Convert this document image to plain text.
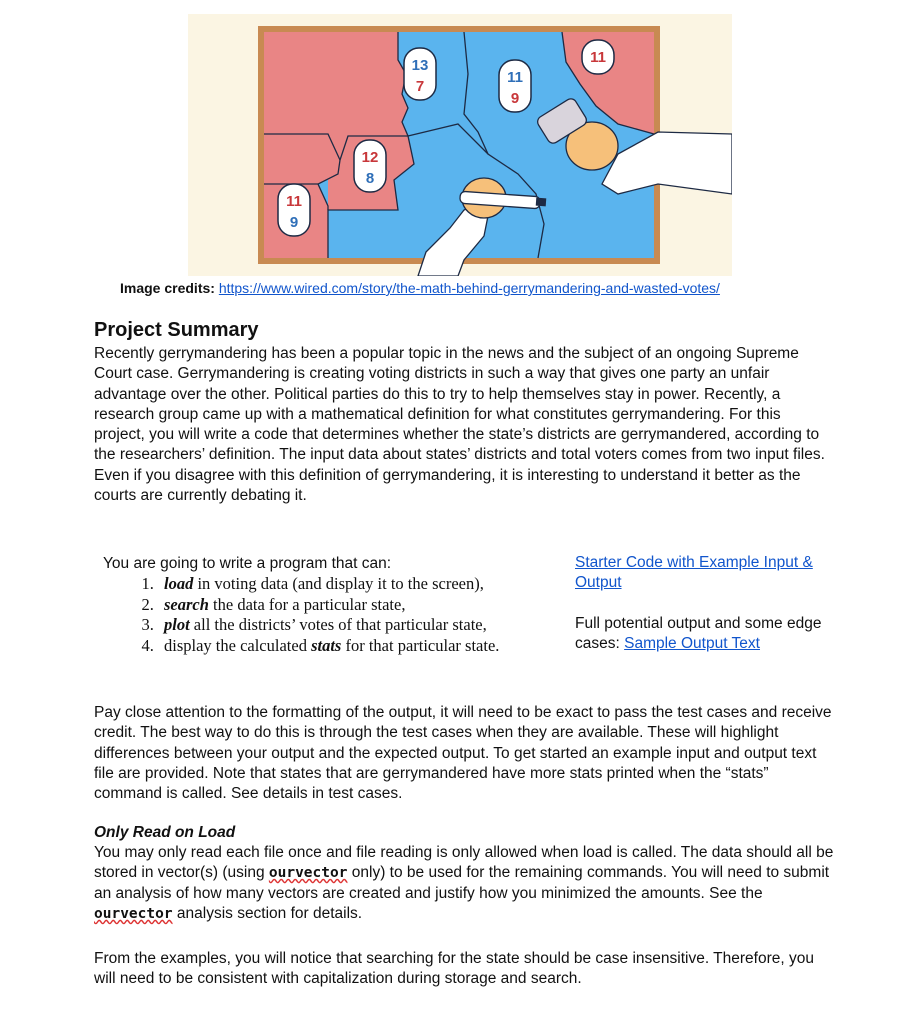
13
7
11
9
12
8
11
9
11
Image credits: https://www.wired.com/story/the-math-behind-gerrymandering-and-wasted-votes/
Project Summary
Recently gerrymandering has been a popular topic in the news and the subject of an ongoing Supreme Court case. Gerrymandering is creating voting districts in such a way that gives one party an unfair advantage over the other. Political parties do this to try to help themselves stay in power. Recently, a research group came up with a mathematical definition for what constitutes gerrymandering. For this project, you will write a code that determines whether the state’s districts are gerrymandered, according to the researchers’ definition. The input data about states’ districts and total voters comes from two input files. Even if you disagree with this definition of gerrymandering, it is interesting to understand it better as the courts are currently debating it.
You are going to write a program that can:
1. load in voting data (and display it to the screen),
2. search the data for a particular state,
3. plot all the districts’ votes of that particular state,
4. display the calculated stats for that particular state.
Starter Code with Example Input & Output
Full potential output and some edge cases: Sample Output Text
Pay close attention to the formatting of the output, it will need to be exact to pass the test cases and receive credit. The best way to do this is through the test cases when they are available. These will highlight differences between your output and the expected output. To get started an example input and output text file are provided. Note that states that are gerrymandered have more stats printed when the “stats” command is called. See details in test cases.
Only Read on Load
You may only read each file once and file reading is only allowed when load is called. The data should all be stored in vector(s) (using ourvector only) to be used for the remaining commands. You will need to submit an analysis of how many vectors are created and justify how you minimized the amounts. See the ourvector analysis section for details.
From the examples, you will notice that searching for the state should be case insensitive. Therefore, you will need to be consistent with capitalization during storage and search.
